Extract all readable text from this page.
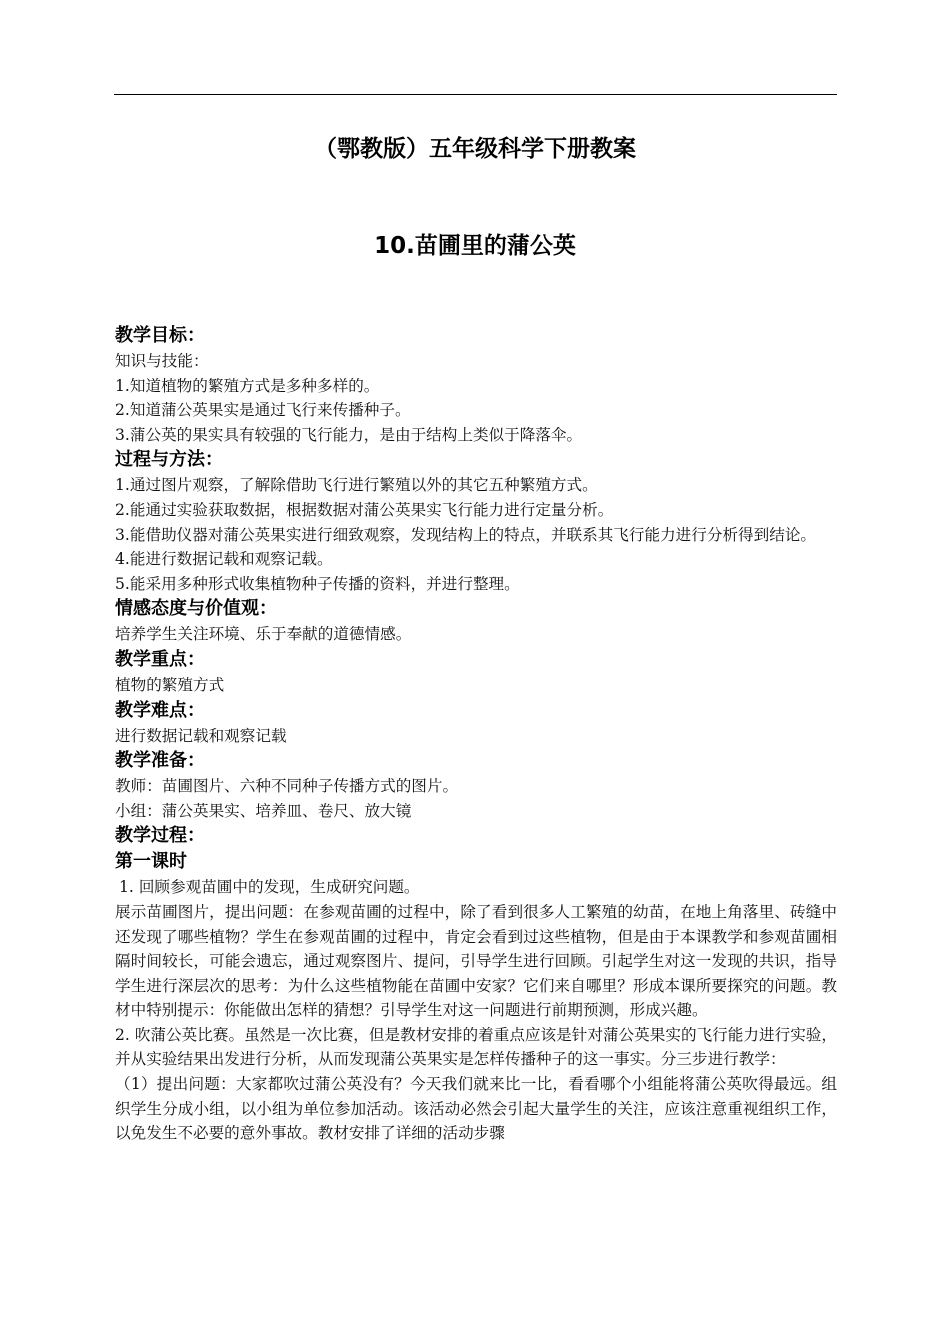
（鄂教版）五年级科学下册教案
10.苗圃里的蒲公英

教学目标：

知识与技能：

1.知道植物的繁殖方式是多种多样的。

2.知道蒲公英果实是通过飞行来传播种子。

3.蒲公英的果实具有较强的飞行能力，是由于结构上类似于降落伞。

过程与方法：

1.通过图片观察，了解除借助飞行进行繁殖以外的其它五种繁殖方式。

2.能通过实验获取数据，根据数据对蒲公英果实飞行能力进行定量分析。

3.能借助仪器对蒲公英果实进行细致观察，发现结构上的特点，并联系其飞行能力进行分析得到结论。

4.能进行数据记载和观察记载。

5.能采用多种形式收集植物种子传播的资料，并进行整理。

情感态度与价值观：

培养学生关注环境、乐于奉献的道德情感。

教学重点：

植物的繁殖方式

教学难点：

进行数据记载和观察记载

教学准备：

教师：苗圃图片、六种不同种子传播方式的图片。

小组：蒲公英果实、培养皿、卷尺、放大镜

教学过程：

第一课时

1. 回顾参观苗圃中的发现，生成研究问题。

展示苗圃图片，提出问题：在参观苗圃的过程中，除了看到很多人工繁殖的幼苗，在地上角落里、砖缝中还发现了哪些植物？学生在参观苗圃的过程中，肯定会看到过这些植物，但是由于本课教学和参观苗圃相隔时间较长，可能会遗忘，通过观察图片、提问，引导学生进行回顾。引起学生对这一发现的共识，指导学生进行深层次的思考：为什么这些植物能在苗圃中安家？它们来自哪里？形成本课所要探究的问题。教材中特别提示：你能做出怎样的猜想？引导学生对这一问题进行前期预测，形成兴趣。

2. 吹蒲公英比赛。虽然是一次比赛，但是教材安排的着重点应该是针对蒲公英果实的飞行能力进行实验，并从实验结果出发进行分析，从而发现蒲公英果实是怎样传播种子的这一事实。分三步进行教学：

（1）提出问题：大家都吹过蒲公英没有？今天我们就来比一比，看看哪个小组能将蒲公英吹得最远。组织学生分成小组，以小组为单位参加活动。该活动必然会引起大量学生的关注，应该注意重视组织工作，以免发生不必要的意外事故。教材安排了详细的活动步骤
